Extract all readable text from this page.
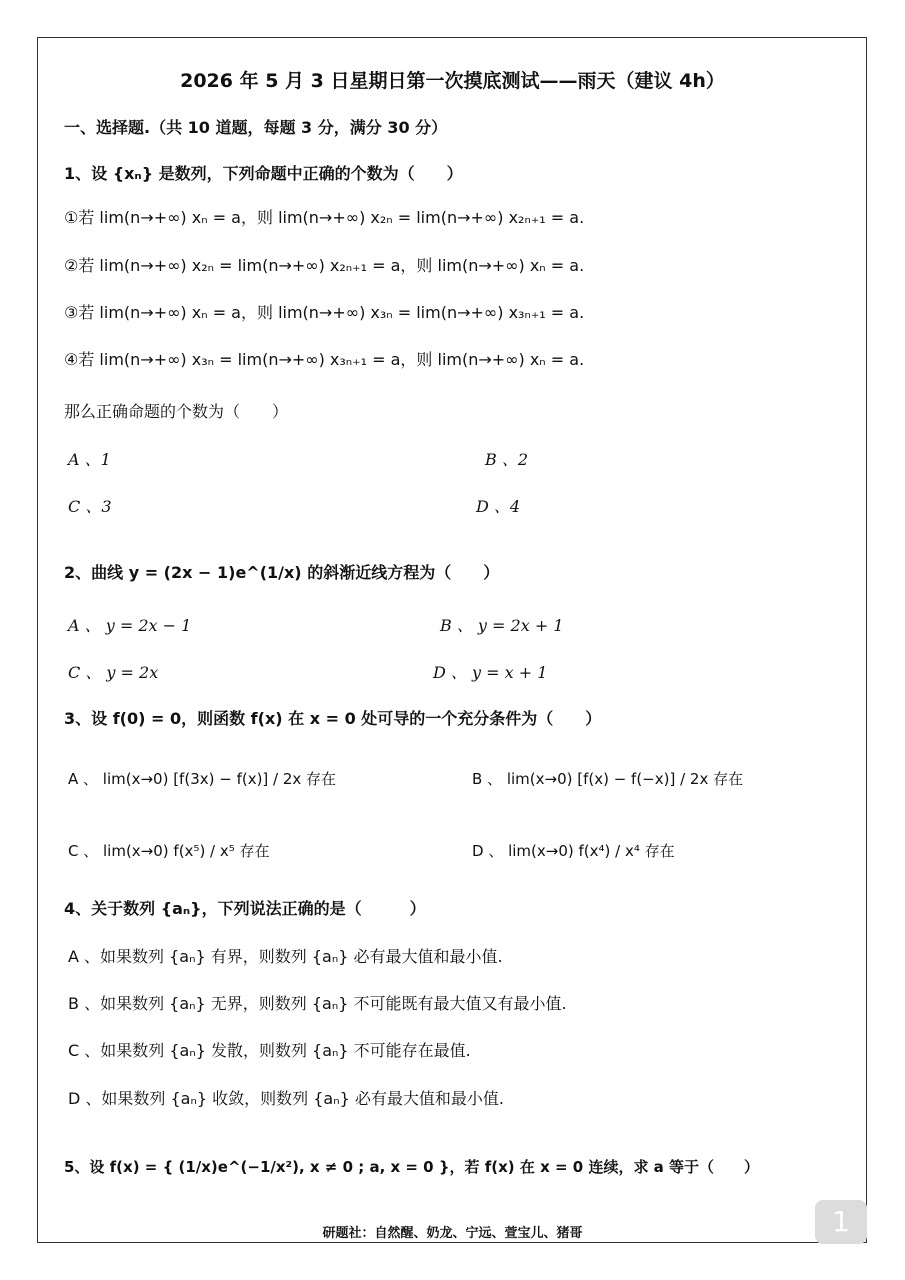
2026 年 5 月 3 日星期日第一次摸底测试——雨天（建议 4h）
一、选择题.（共 10 道题，每题 3 分，满分 30 分）
1、设 {xₙ} 是数列，下列命题中正确的个数为（　　）
①若 lim(n→+∞) xₙ = a，则 lim(n→+∞) x₂ₙ = lim(n→+∞) x₂ₙ₊₁ = a.
②若 lim(n→+∞) x₂ₙ = lim(n→+∞) x₂ₙ₊₁ = a，则 lim(n→+∞) xₙ = a.
③若 lim(n→+∞) xₙ = a，则 lim(n→+∞) x₃ₙ = lim(n→+∞) x₃ₙ₊₁ = a.
④若 lim(n→+∞) x₃ₙ = lim(n→+∞) x₃ₙ₊₁ = a，则 lim(n→+∞) xₙ = a.
那么正确命题的个数为（　　）
A 、1	B 、2
C 、3	D 、4
2、曲线 y = (2x − 1)e^(1/x) 的斜渐近线方程为（　　）
A 、 y = 2x − 1	B 、 y = 2x + 1
C 、 y = 2x	D 、 y = x + 1
3、设 f(0) = 0，则函数 f(x) 在 x = 0 处可导的一个充分条件为（　　）
A 、 lim(x→0) [f(3x) − f(x)] / 2x 存在	B 、 lim(x→0) [f(x) − f(−x)] / 2x 存在
C 、 lim(x→0) f(x⁵) / x⁵ 存在	D 、 lim(x→0) f(x⁴) / x⁴ 存在
4、关于数列 {aₙ}，下列说法正确的是（　　　）
A 、如果数列 {aₙ} 有界，则数列 {aₙ} 必有最大值和最小值.
B 、如果数列 {aₙ} 无界，则数列 {aₙ} 不可能既有最大值又有最小值.
C 、如果数列 {aₙ} 发散，则数列 {aₙ} 不可能存在最值.
D 、如果数列 {aₙ} 收敛，则数列 {aₙ} 必有最大值和最小值.
5、设 f(x) = { (1/x)e^(−1/x²), x ≠ 0 ; a, x = 0 }，若 f(x) 在 x = 0 连续，求 a 等于（　　）
研题社：自然醒、奶龙、宁远、萱宝儿、猪哥	1
